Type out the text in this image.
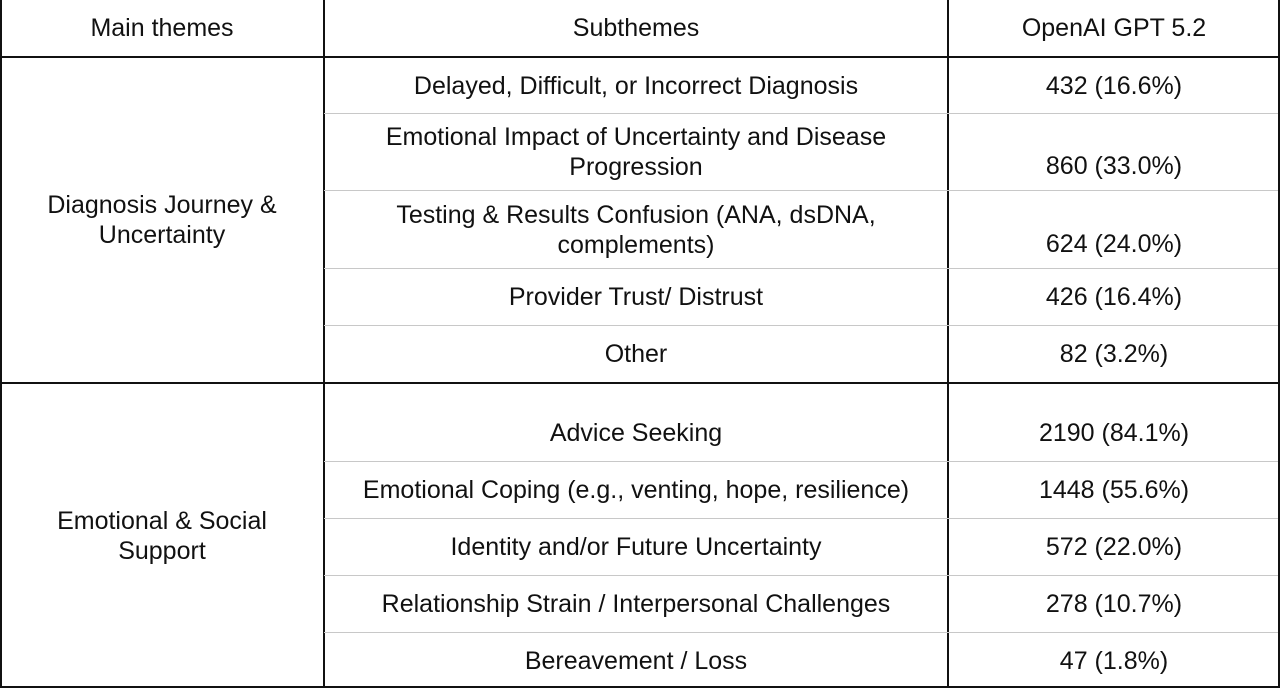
Main themes	Subthemes	OpenAI GPT 5.2
Diagnosis Journey &
Uncertainty
Delayed, Difficult, or Incorrect Diagnosis	432 (16.6%)
Emotional Impact of Uncertainty and Disease
Progression	860 (33.0%)
Testing & Results Confusion (ANA, dsDNA,
complements)	624 (24.0%)
Provider Trust/ Distrust	426 (16.4%)
Other	82 (3.2%)
Emotional & Social
Support
Advice Seeking	2190 (84.1%)
Emotional Coping (e.g., venting, hope, resilience)	1448 (55.6%)
Identity and/or Future Uncertainty	572 (22.0%)
Relationship Strain / Interpersonal Challenges	278 (10.7%)
Bereavement / Loss	47 (1.8%)
